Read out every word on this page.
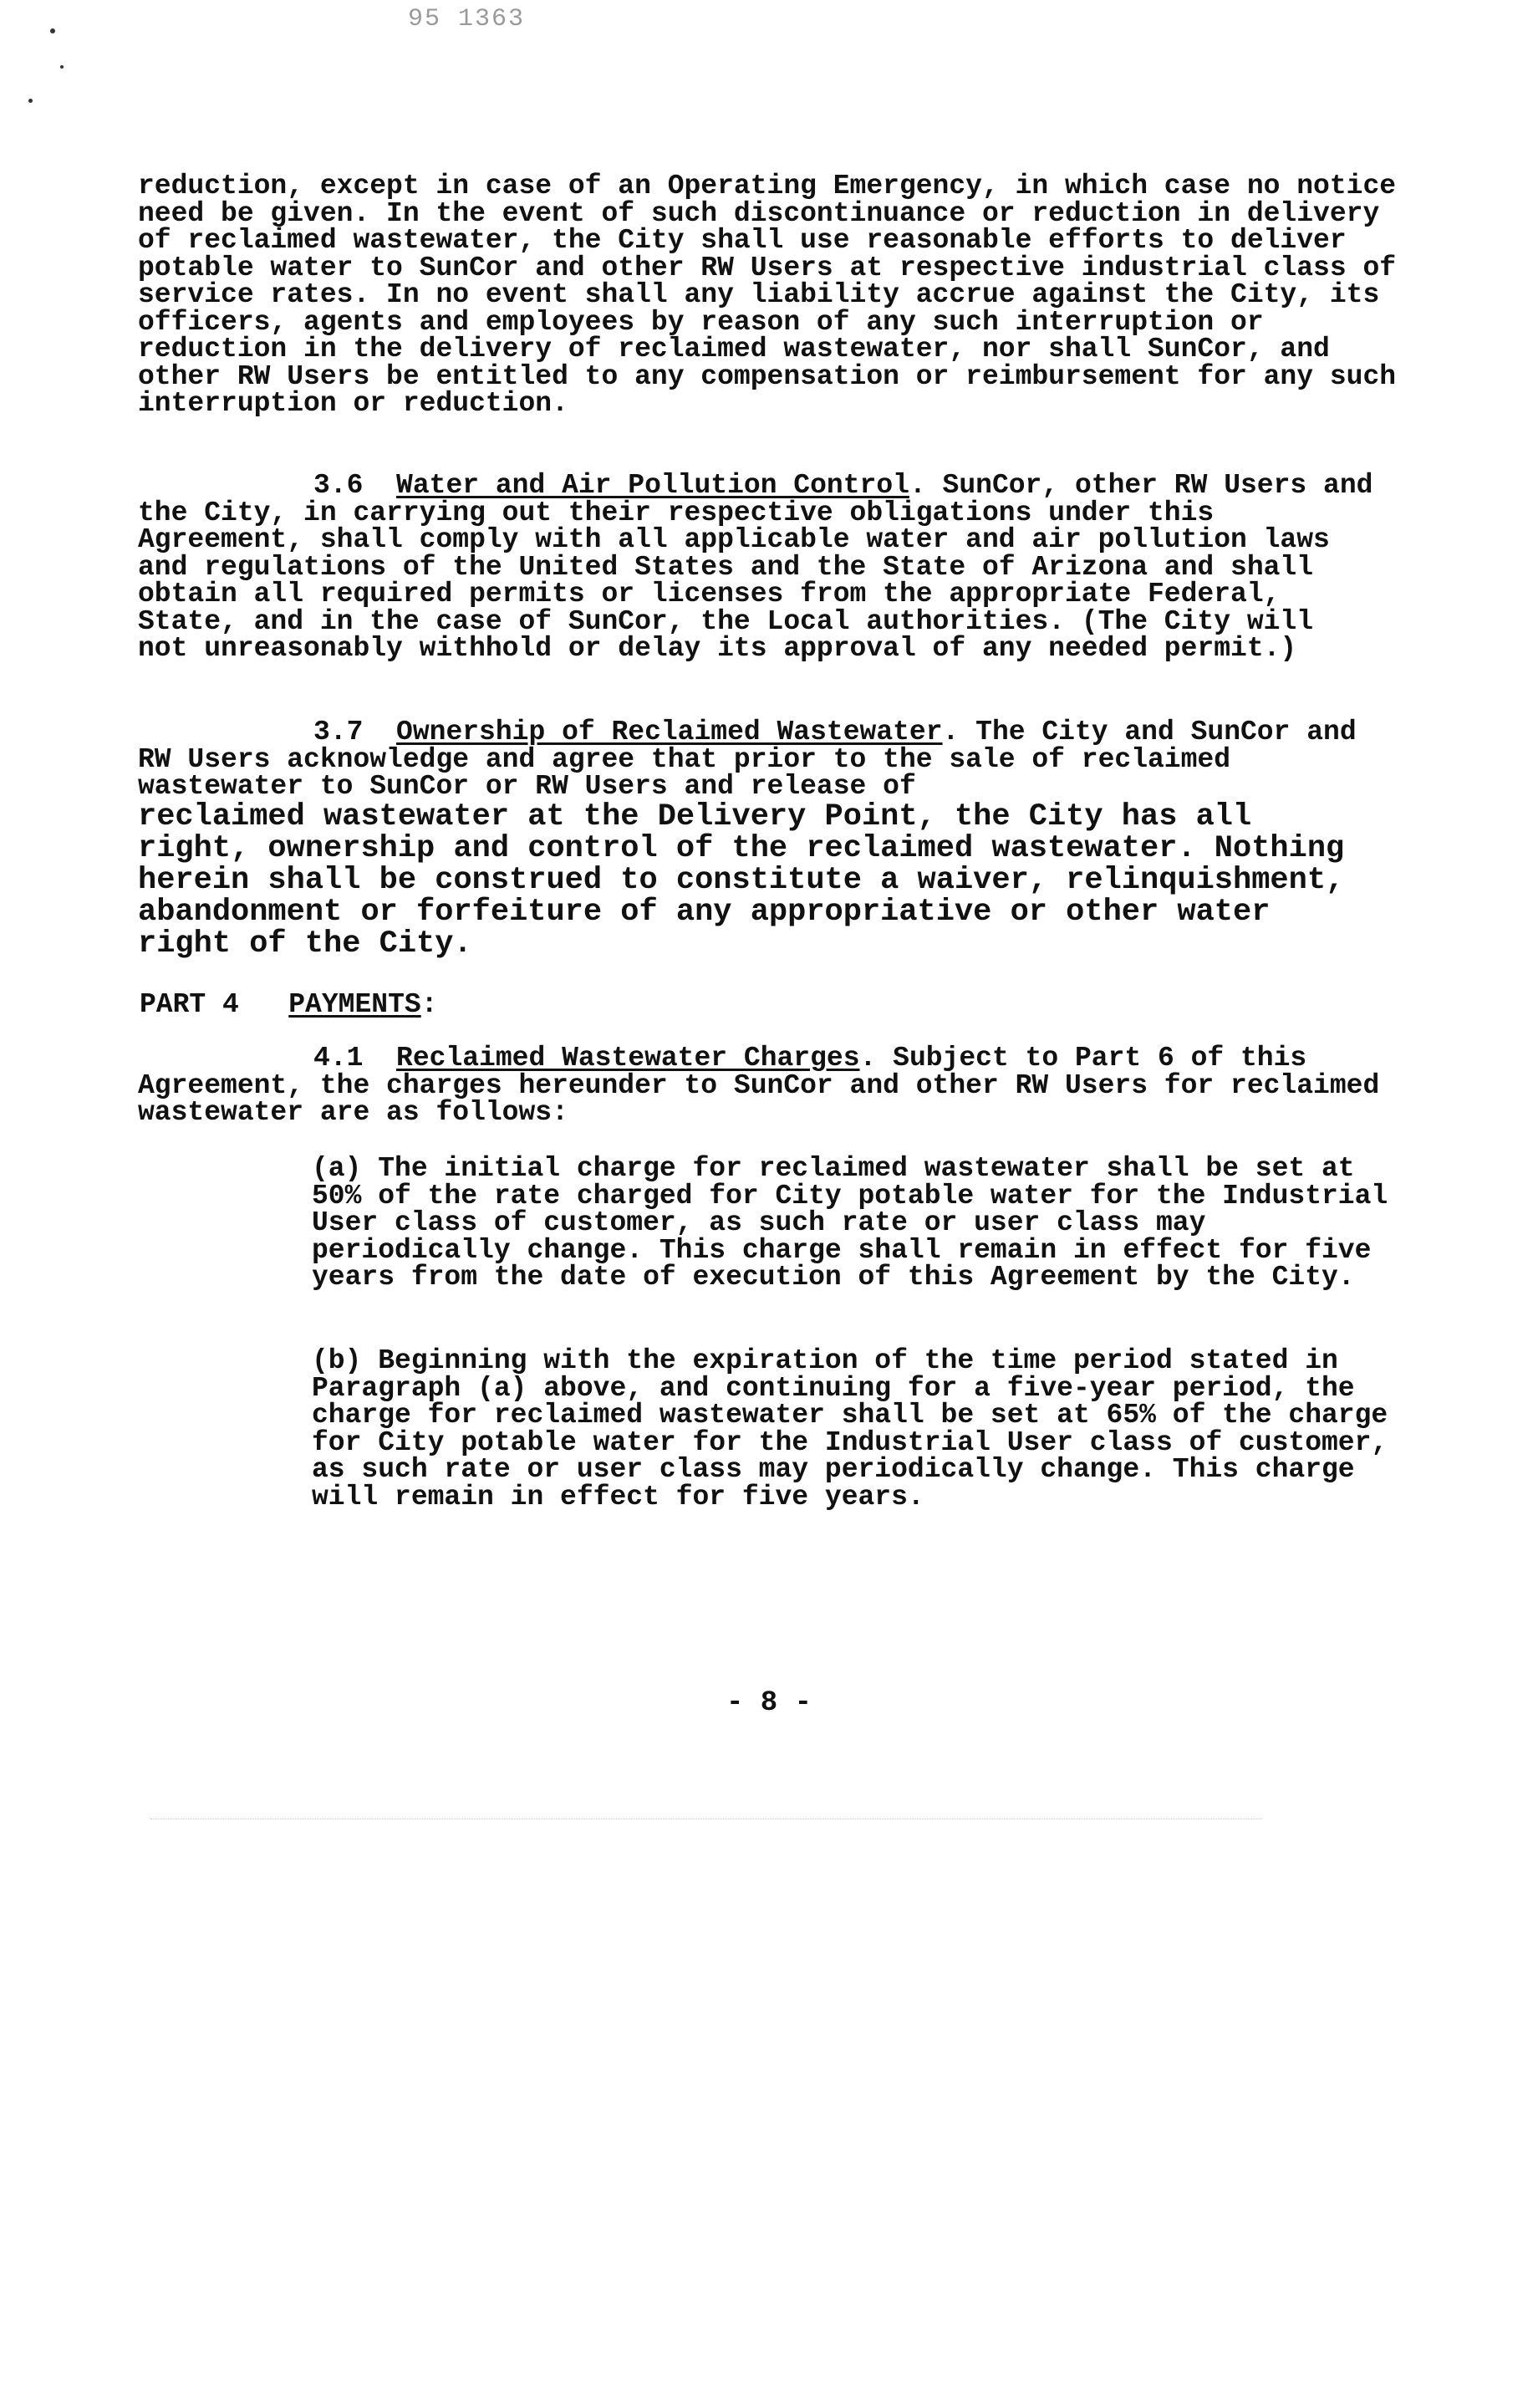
95 1363

reduction, except in case of an Operating Emergency, in which case no notice need be given. In the event of such discontinuance or reduction in delivery of reclaimed wastewater, the City shall use reasonable efforts to deliver potable water to SunCor and other RW Users at respective industrial class of service rates. In no event shall any liability accrue against the City, its officers, agents and employees by reason of any such interruption or reduction in the delivery of reclaimed wastewater, nor shall SunCor, and other RW Users be entitled to any compensation or reimbursement for any such interruption or reduction.

3.6 Water and Air Pollution Control. SunCor, other RW Users and the City, in carrying out their respective obligations under this Agreement, shall comply with all applicable water and air pollution laws and regulations of the United States and the State of Arizona and shall obtain all required permits or licenses from the appropriate Federal, State, and in the case of SunCor, the Local authorities. (The City will not unreasonably withhold or delay its approval of any needed permit.)

3.7 Ownership of Reclaimed Wastewater. The City and SunCor and RW Users acknowledge and agree that prior to the sale of reclaimed wastewater to SunCor or RW Users and release of

reclaimed wastewater at the Delivery Point, the City has all right, ownership and control of the reclaimed wastewater. Nothing herein shall be construed to constitute a waiver, relinquishment, abandonment or forfeiture of any appropriative or other water right of the City.

PART 4 PAYMENTS:

4.1 Reclaimed Wastewater Charges. Subject to Part 6 of this Agreement, the charges hereunder to SunCor and other RW Users for reclaimed wastewater are as follows:

(a) The initial charge for reclaimed wastewater shall be set at 50% of the rate charged for City potable water for the Industrial User class of customer, as such rate or user class may periodically change. This charge shall remain in effect for five years from the date of execution of this Agreement by the City.

(b) Beginning with the expiration of the time period stated in Paragraph (a) above, and continuing for a five-year period, the charge for reclaimed wastewater shall be set at 65% of the charge for City potable water for the Industrial User class of customer, as such rate or user class may periodically change. This charge will remain in effect for five years.

- 8 -
